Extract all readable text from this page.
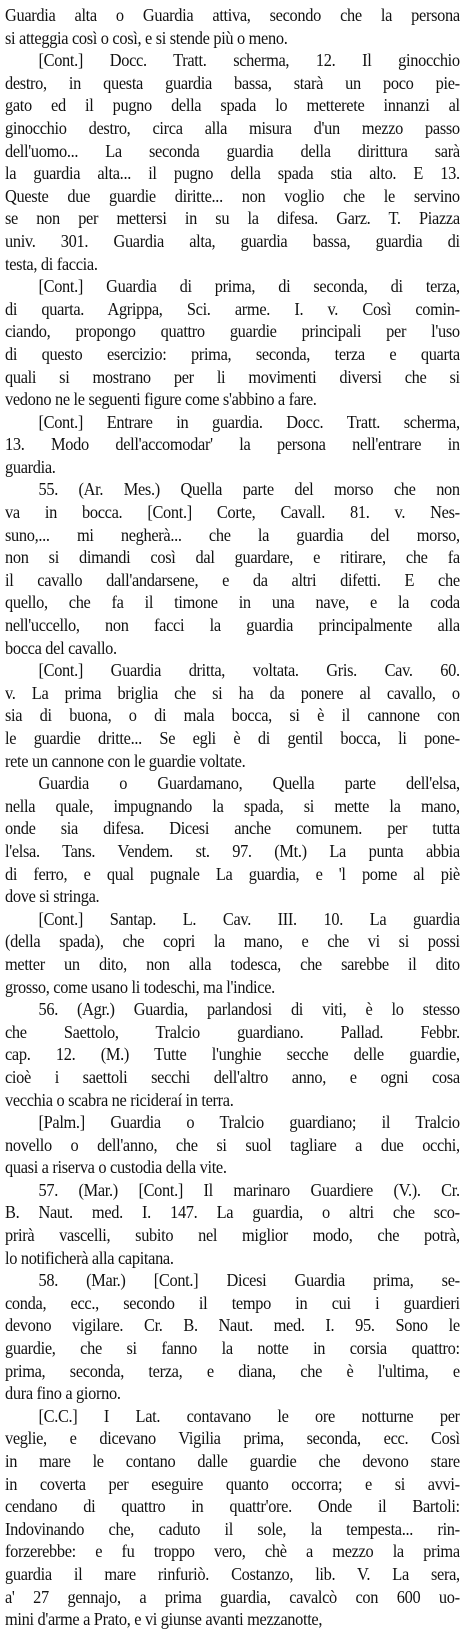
Guardia alta o Guardia attiva, secondo che la persona
si atteggia così o così, e si stende più o meno.
[Cont.] Docc. Tratt. scherma, 12. Il ginocchio
destro, in questa guardia bassa, starà un poco pie-
gato ed il pugno della spada lo metterete innanzi al
ginocchio destro, circa alla misura d'un mezzo passo
dell'uomo... La seconda guardia della dirittura sarà
la guardia alta... il pugno della spada stia alto. E 13.
Queste due guardie diritte... non voglio che le servino
se non per mettersi in su la difesa. Garz. T. Piazza
univ. 301. Guardia alta, guardia bassa, guardia di
testa, di faccia.
[Cont.] Guardia di prima, di seconda, di terza,
di quarta. Agrippa, Sci. arme. I. v. Così comin-
ciando, propongo quattro guardie principali per l'uso
di questo esercizio: prima, seconda, terza e quarta
quali si mostrano per li movimenti diversi che si
vedono ne le seguenti figure come s'abbino a fare.
[Cont.] Entrare in guardia. Docc. Tratt. scherma,
13. Modo dell'accomodar' la persona nell'entrare in
guardia.
55. (Ar. Mes.) Quella parte del morso che non
va in bocca. [Cont.] Corte, Cavall. 81. v. Nes-
suno,... mi negherà... che la guardia del morso,
non si dimandi così dal guardare, e ritirare, che fa
il cavallo dall'andarsene, e da altri difetti. E che
quello, che fa il timone in una nave, e la coda
nell'uccello, non facci la guardia principalmente alla
bocca del cavallo.
[Cont.] Guardia dritta, voltata. Gris. Cav. 60.
v. La prima briglia che si ha da ponere al cavallo, o
sia di buona, o di mala bocca, si è il cannone con
le guardie dritte... Se egli è di gentil bocca, li pone-
rete un cannone con le guardie voltate.
Guardia o Guardamano, Quella parte dell'elsa,
nella quale, impugnando la spada, si mette la mano,
onde sia difesa. Dicesi anche comunem. per tutta
l'elsa. Tans. Vendem. st. 97. (Mt.) La punta abbia
di ferro, e qual pugnale La guardia, e 'l pome al piè
dove si stringa.
[Cont.] Santap. L. Cav. III. 10. La guardia
(della spada), che copri la mano, e che vi si possi
metter un dito, non alla todesca, che sarebbe il dito
grosso, come usano li todeschi, ma l'indice.
56. (Agr.) Guardia, parlandosi di viti, è lo stesso
che Saettolo, Tralcio guardiano. Pallad. Febbr.
cap. 12. (M.) Tutte l'unghie secche delle guardie,
cioè i saettoli secchi dell'altro anno, e ogni cosa
vecchia o scabra ne ricideraí in terra.
[Palm.] Guardia o Tralcio guardiano; il Tralcio
novello o dell'anno, che si suol tagliare a due occhi,
quasi a riserva o custodia della vite.
57. (Mar.) [Cont.] Il marinaro Guardiere (V.). Cr.
B. Naut. med. I. 147. La guardia, o altri che sco-
prirà vascelli, subito nel miglior modo, che potrà,
lo notificherà alla capitana.
58. (Mar.) [Cont.] Dicesi Guardia prima, se-
conda, ecc., secondo il tempo in cui i guardieri
devono vigilare. Cr. B. Naut. med. I. 95. Sono le
guardie, che si fanno la notte in corsia quattro:
prima, seconda, terza, e diana, che è l'ultima, e
dura fino a giorno.
[C.C.] I Lat. contavano le ore notturne per
veglie, e dicevano Vigilia prima, seconda, ecc. Così
in mare le contano dalle guardie che devono stare
in coverta per eseguire quanto occorra; e si avvi-
cendano di quattro in quattr'ore. Onde il Bartoli:
Indovinando che, caduto il sole, la tempesta... rin-
forzerebbe: e fu troppo vero, chè a mezzo la prima
guardia il mare rinfuriò. Costanzo, lib. V. La sera,
a' 27 gennajo, a prima guardia, cavalcò con 600 uo-
mini d'arme a Prato, e vi giunse avanti mezzanotte,
